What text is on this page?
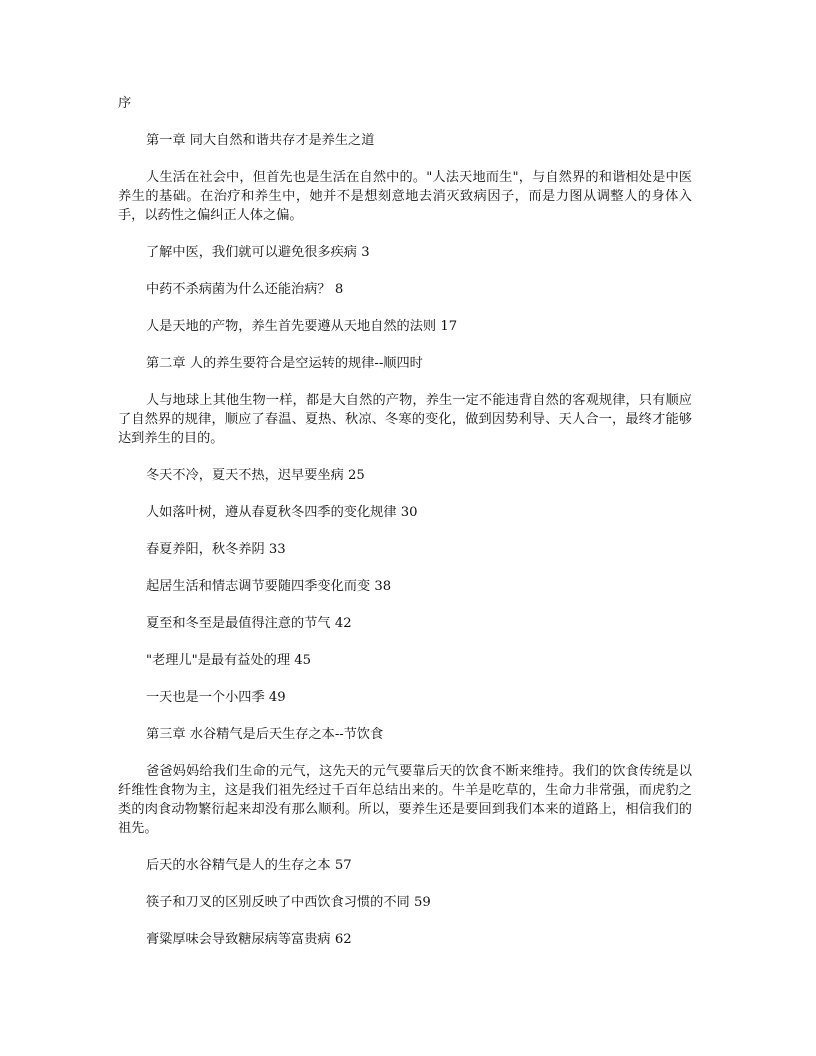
序

第一章 同大自然和谐共存才是养生之道

人生活在社会中，但首先也是生活在自然中的。"人法天地而生"，与自然界的和谐相处是中医养生的基础。在治疗和养生中，她并不是想刻意地去消灭致病因子，而是力图从调整人的身体入手，以药性之偏纠正人体之偏。

了解中医，我们就可以避免很多疾病 3

中药不杀病菌为什么还能治病？ 8

人是天地的产物，养生首先要遵从天地自然的法则 17

第二章 人的养生要符合是空运转的规律--顺四时

人与地球上其他生物一样，都是大自然的产物，养生一定不能违背自然的客观规律，只有顺应了自然界的规律，顺应了春温、夏热、秋凉、冬寒的变化，做到因势利导、天人合一，最终才能够达到养生的目的。

冬天不冷，夏天不热，迟早要坐病 25

人如落叶树，遵从春夏秋冬四季的变化规律 30

春夏养阳，秋冬养阴 33

起居生活和情志调节要随四季变化而变 38

夏至和冬至是最值得注意的节气 42

"老理儿"是最有益处的理 45

一天也是一个小四季 49

第三章 水谷精气是后天生存之本--节饮食

爸爸妈妈给我们生命的元气，这先天的元气要靠后天的饮食不断来维持。我们的饮食传统是以纤维性食物为主，这是我们祖先经过千百年总结出来的。牛羊是吃草的，生命力非常强，而虎豹之类的肉食动物繁衍起来却没有那么顺利。所以，要养生还是要回到我们本来的道路上，相信我们的祖先。

后天的水谷精气是人的生存之本 57

筷子和刀叉的区别反映了中西饮食习惯的不同 59

膏粱厚味会导致糖尿病等富贵病 62
